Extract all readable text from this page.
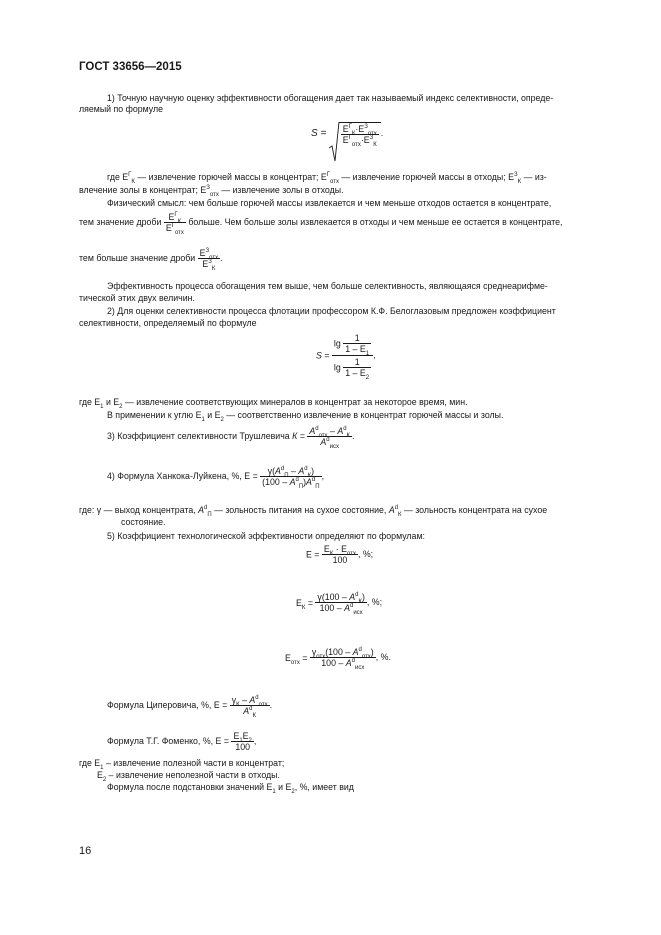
ГОСТ 33656—2015
1) Точную научную оценку эффективности обогащения дает так называемый индекс селективности, опреде-
ляемый по формуле
$S = \frac{Е^Г_К\cdot Е^З_{отх}}{Е^Г_{отх}\cdot Е^З_К}$ .
где $Е^Г_К$ — извлечение горючей массы в концентрат; $Е^Г_{отх}$ — извлечение горючей массы в отходы; $Е^З_К$ — из-
влечение золы в концентрат; $Е^З_{отх}$ — извлечение золы в отходы.
Физический смысл: чем больше горючей массы извлекается и чем меньше отходов остается в концентрате,
тем значение дроби $\frac{Е^Г_К}{Е^Г_{отх}}$ больше. Чем больше золы извлекается в отходы и чем меньше ее остается в концентрате,
тем больше значение дроби $\frac{Е^З_{отх}}{Е^З_К}$ .
Эффективность процесса обогащения тем выше, чем больше селективность, являющаяся среднеарифме-
тической этих двух величин.
2) Для оценки селективности процесса флотации профессором К.Ф. Белоглазовым предложен коэффициент
селективности, определяемый по формуле
$S = \frac{\lg \frac{1}{1 - Е_1}}{\lg \frac{1}{1 - Е_2}}$ ,
где $Е_1$ и $Е_2$ — извлечение соответствующих минералов в концентрат за некоторое время, мин.
В применении к углю $Е_1$ и $Е_2$ — соответственно извлечение в концентрат горючей массы и золы.
3) Коэффициент селективности Трушлевича $К = \frac{А^d_{отх} - А^d_К}{А^d_{исх}}$ .
4) Формула Ханкока-Луйкена, %, $Е = \frac{\gamma(А^d_П - А^d_К)}{(100 - А^d_П)А^d_П}$ ,
где: γ — выход концентрата, $А^d_П$ — зольность питания на сухое состояние, $А^d_К$ — зольность концентрата на сухое
состояние.
5) Коэффициент технологической эффективности определяют по формулам:
$Е = \frac{Е_К \cdot Е_{отх}}{100}$ , %;
$Е_К = \frac{\gamma(100 - А^d_К)}{100 - А^d_{исх}}$ , %;
$Е_{отх} = \frac{\gamma_{отх}(100 - А^d_{отх})}{100 - А^d_{исх}}$ , %.
Формула Циперовича, %, $Е = \frac{\gamma_К - А^d_{отх}}{А^d_К}$ .
Формула Т.Г. Фоменко, %, $Е = \frac{Е_1Е_2}{100}$ ,
где $Е_1$ – извлечение полезной части в концентрат;
$Е_2$ – извлечение неполезной части в отходы.
Формула после подстановки значений $Е_1$ и $Е_2$, %, имеет вид
16
